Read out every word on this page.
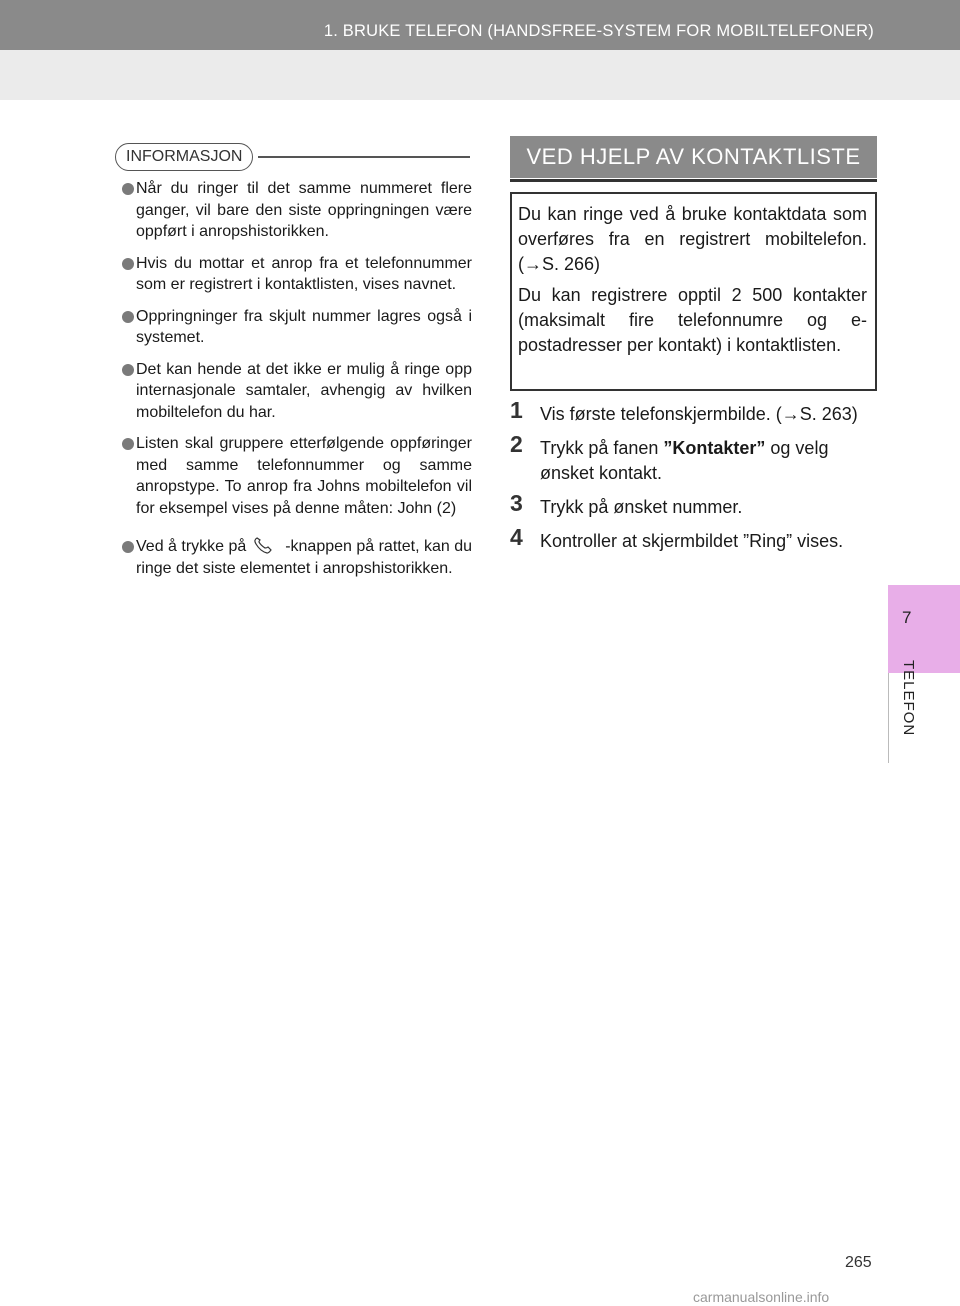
1. BRUKE TELEFON (HANDSFREE-SYSTEM FOR MOBILTELEFONER)
7
TELEFON
INFORMASJON
Når du ringer til det samme nummeret flere ganger, vil bare den siste oppringningen være oppført i anropshistorikken.
Hvis du mottar et anrop fra et telefonnummer som er registrert i kontaktlisten, vises navnet.
Oppringninger fra skjult nummer lagres også i systemet.
Det kan hende at det ikke er mulig å ringe opp internasjonale samtaler, avhengig av hvilken mobiltelefon du har.
Listen skal gruppere etterfølgende oppføringer med samme telefonnummer og samme anropstype. To anrop fra Johns mobiltelefon vil for eksempel vises på denne måten: John (2)
Ved å trykke på  -knappen på rattet, kan du ringe det siste elementet i anropshistorikken.
VED HJELP AV KONTAKTLISTE

Du kan ringe ved å bruke kontaktdata som overføres fra en registrert mobiltelefon. (→S. 266)

Du kan registrere opptil 2 500 kontakter (maksimalt fire telefonnumre og e-postadresser per kontakt) i kontaktlisten.

1 Vis første telefonskjermbilde. (→S. 263)
2 Trykk på fanen ”Kontakter” og velg ønsket kontakt.
3 Trykk på ønsket nummer.
4 Kontroller at skjermbildet ”Ring” vises.
265
carmanualsonline.info
